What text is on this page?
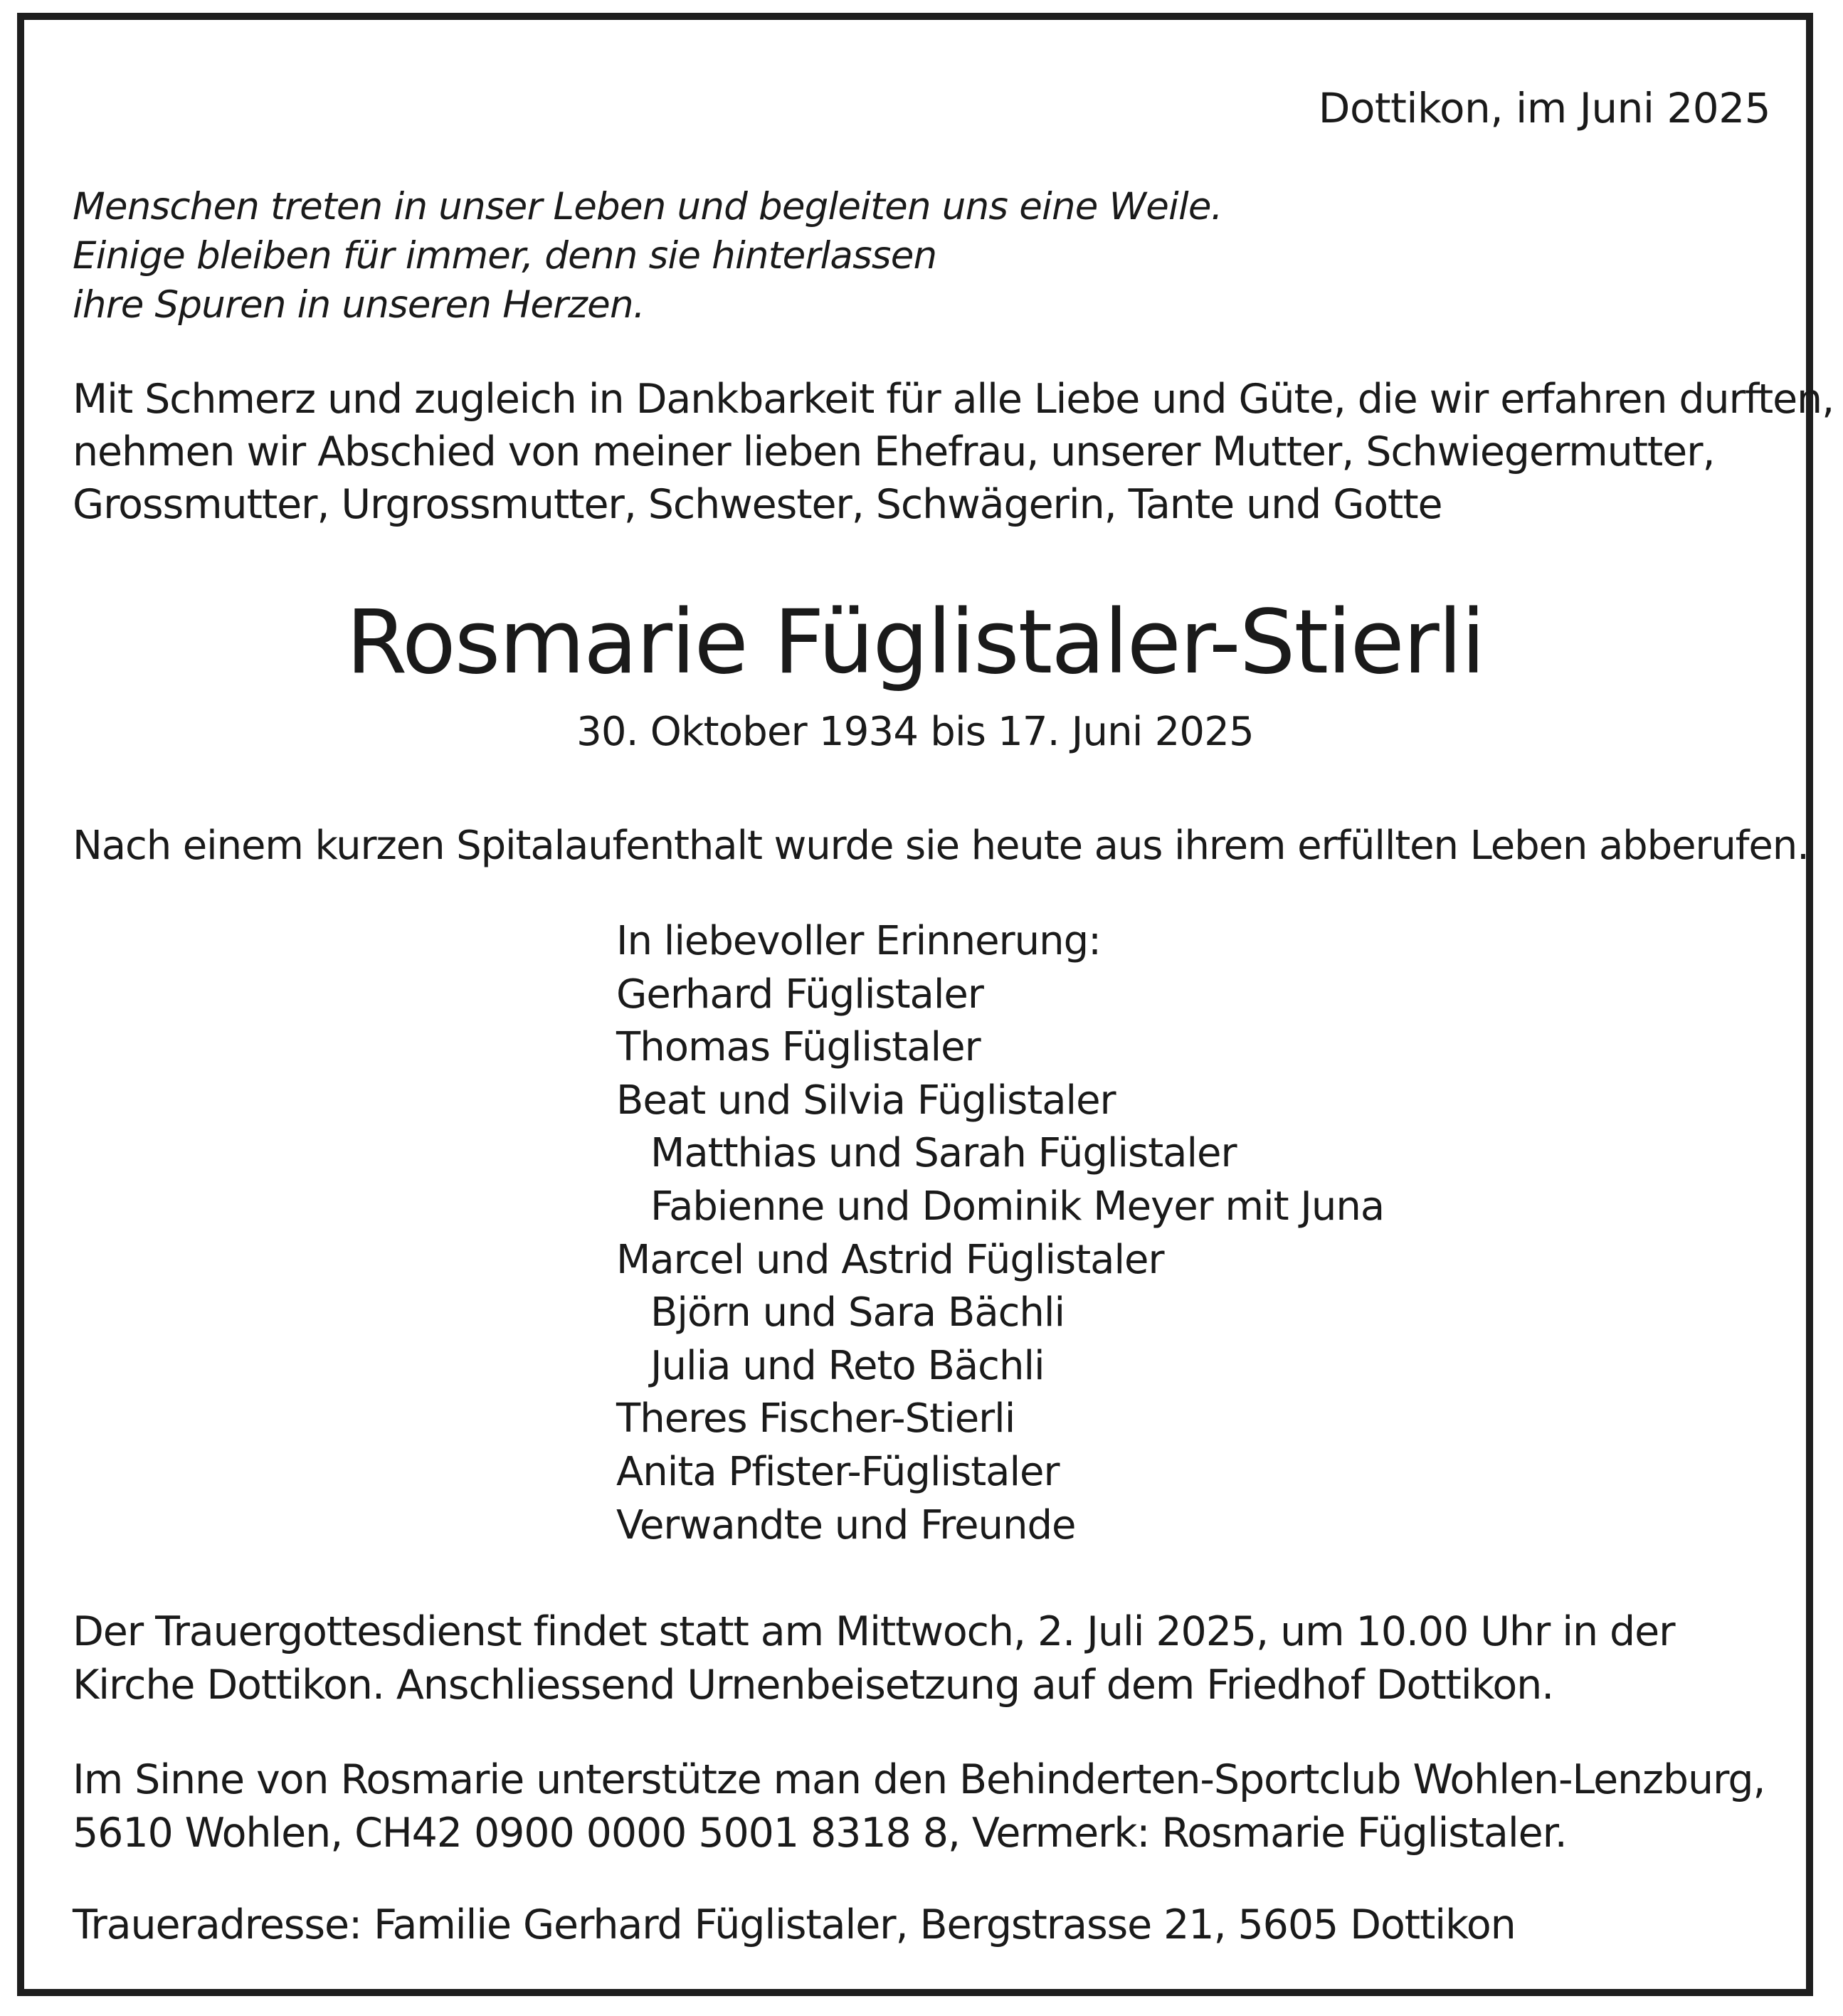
Dottikon, im Juni 2025
Menschen treten in unser Leben und begleiten uns eine Weile.
Einige bleiben für immer, denn sie hinterlassen
ihre Spuren in unseren Herzen.
Mit Schmerz und zugleich in Dankbarkeit für alle Liebe und Güte, die wir erfahren durften,
nehmen wir Abschied von meiner lieben Ehefrau, unserer Mutter, Schwiegermutter,
Grossmutter, Urgrossmutter, Schwester, Schwägerin, Tante und Gotte
Rosmarie Füglistaler-Stierli
30. Oktober 1934 bis 17. Juni 2025
Nach einem kurzen Spitalaufenthalt wurde sie heute aus ihrem erfüllten Leben abberufen.
In liebevoller Erinnerung:
Gerhard Füglistaler
Thomas Füglistaler
Beat und Silvia Füglistaler
Matthias und Sarah Füglistaler
Fabienne und Dominik Meyer mit Juna
Marcel und Astrid Füglistaler
Björn und Sara Bächli
Julia und Reto Bächli
Theres Fischer-Stierli
Anita Pfister-Füglistaler
Verwandte und Freunde
Der Trauergottesdienst findet statt am Mittwoch, 2. Juli 2025, um 10.00 Uhr in der
Kirche Dottikon. Anschliessend Urnenbeisetzung auf dem Friedhof Dottikon.
Im Sinne von Rosmarie unterstütze man den Behinderten-Sportclub Wohlen-Lenzburg,
5610 Wohlen, CH42 0900 0000 5001 8318 8, Vermerk: Rosmarie Füglistaler.
Traueradresse: Familie Gerhard Füglistaler, Bergstrasse 21, 5605 Dottikon
